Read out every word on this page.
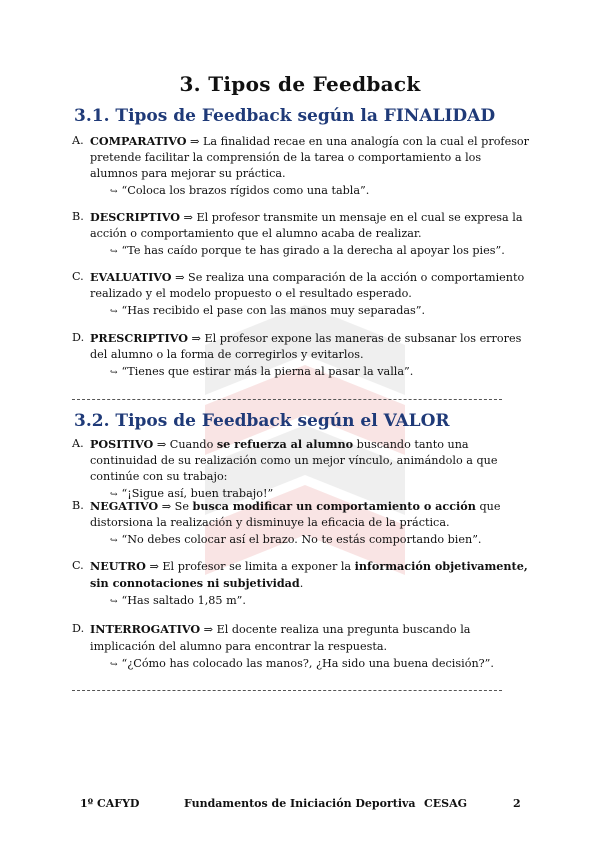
3. Tipos de Feedback
3.1. Tipos de Feedback según la FINALIDAD
A. COMPARATIVO ⇒ La finalidad recae en una analogía con la cual el profesor pretende facilitar la comprensión de la tarea o comportamiento a los alumnos para mejorar su práctica.
↪ “Coloca los brazos rígidos como una tabla”.
B. DESCRIPTIVO ⇒ El profesor transmite un mensaje en el cual se expresa la acción o comportamiento que el alumno acaba de realizar.
↪ “Te has caído porque te has girado a la derecha al apoyar los pies”.
C. EVALUATIVO ⇒ Se realiza una comparación de la acción o comportamiento realizado y el modelo propuesto o el resultado esperado.
↪ “Has recibido el pase con las manos muy separadas”.
D. PRESCRIPTIVO ⇒ El profesor expone las maneras de subsanar los errores del alumno o la forma de corregirlos y evitarlos.
↪ “Tienes que estirar más la pierna al pasar la valla”.
3.2. Tipos de Feedback según el VALOR
A. POSITIVO ⇒ Cuando se refuerza al alumno buscando tanto una continuidad de su realización como un mejor vínculo, animándolo a que continúe con su trabajo:
↪ “¡Sigue así, buen trabajo!”
B. NEGATIVO ⇒ Se busca modificar un comportamiento o acción que distorsiona la realización y disminuye la eficacia de la práctica.
↪ “No debes colocar así el brazo. No te estás comportando bien”.
C. NEUTRO ⇒ El profesor se limita a exponer la información objetivamente, sin connotaciones ni subjetividad.
↪ “Has saltado 1,85 m”.
D. INTERROGATIVO ⇒ El docente realiza una pregunta buscando la implicación del alumno para encontrar la respuesta.
↪ “¿Cómo has colocado las manos?, ¿Ha sido una buena decisión?”.
1º CAFYD	Fundamentos de Iniciación Deportiva CESAG	2
